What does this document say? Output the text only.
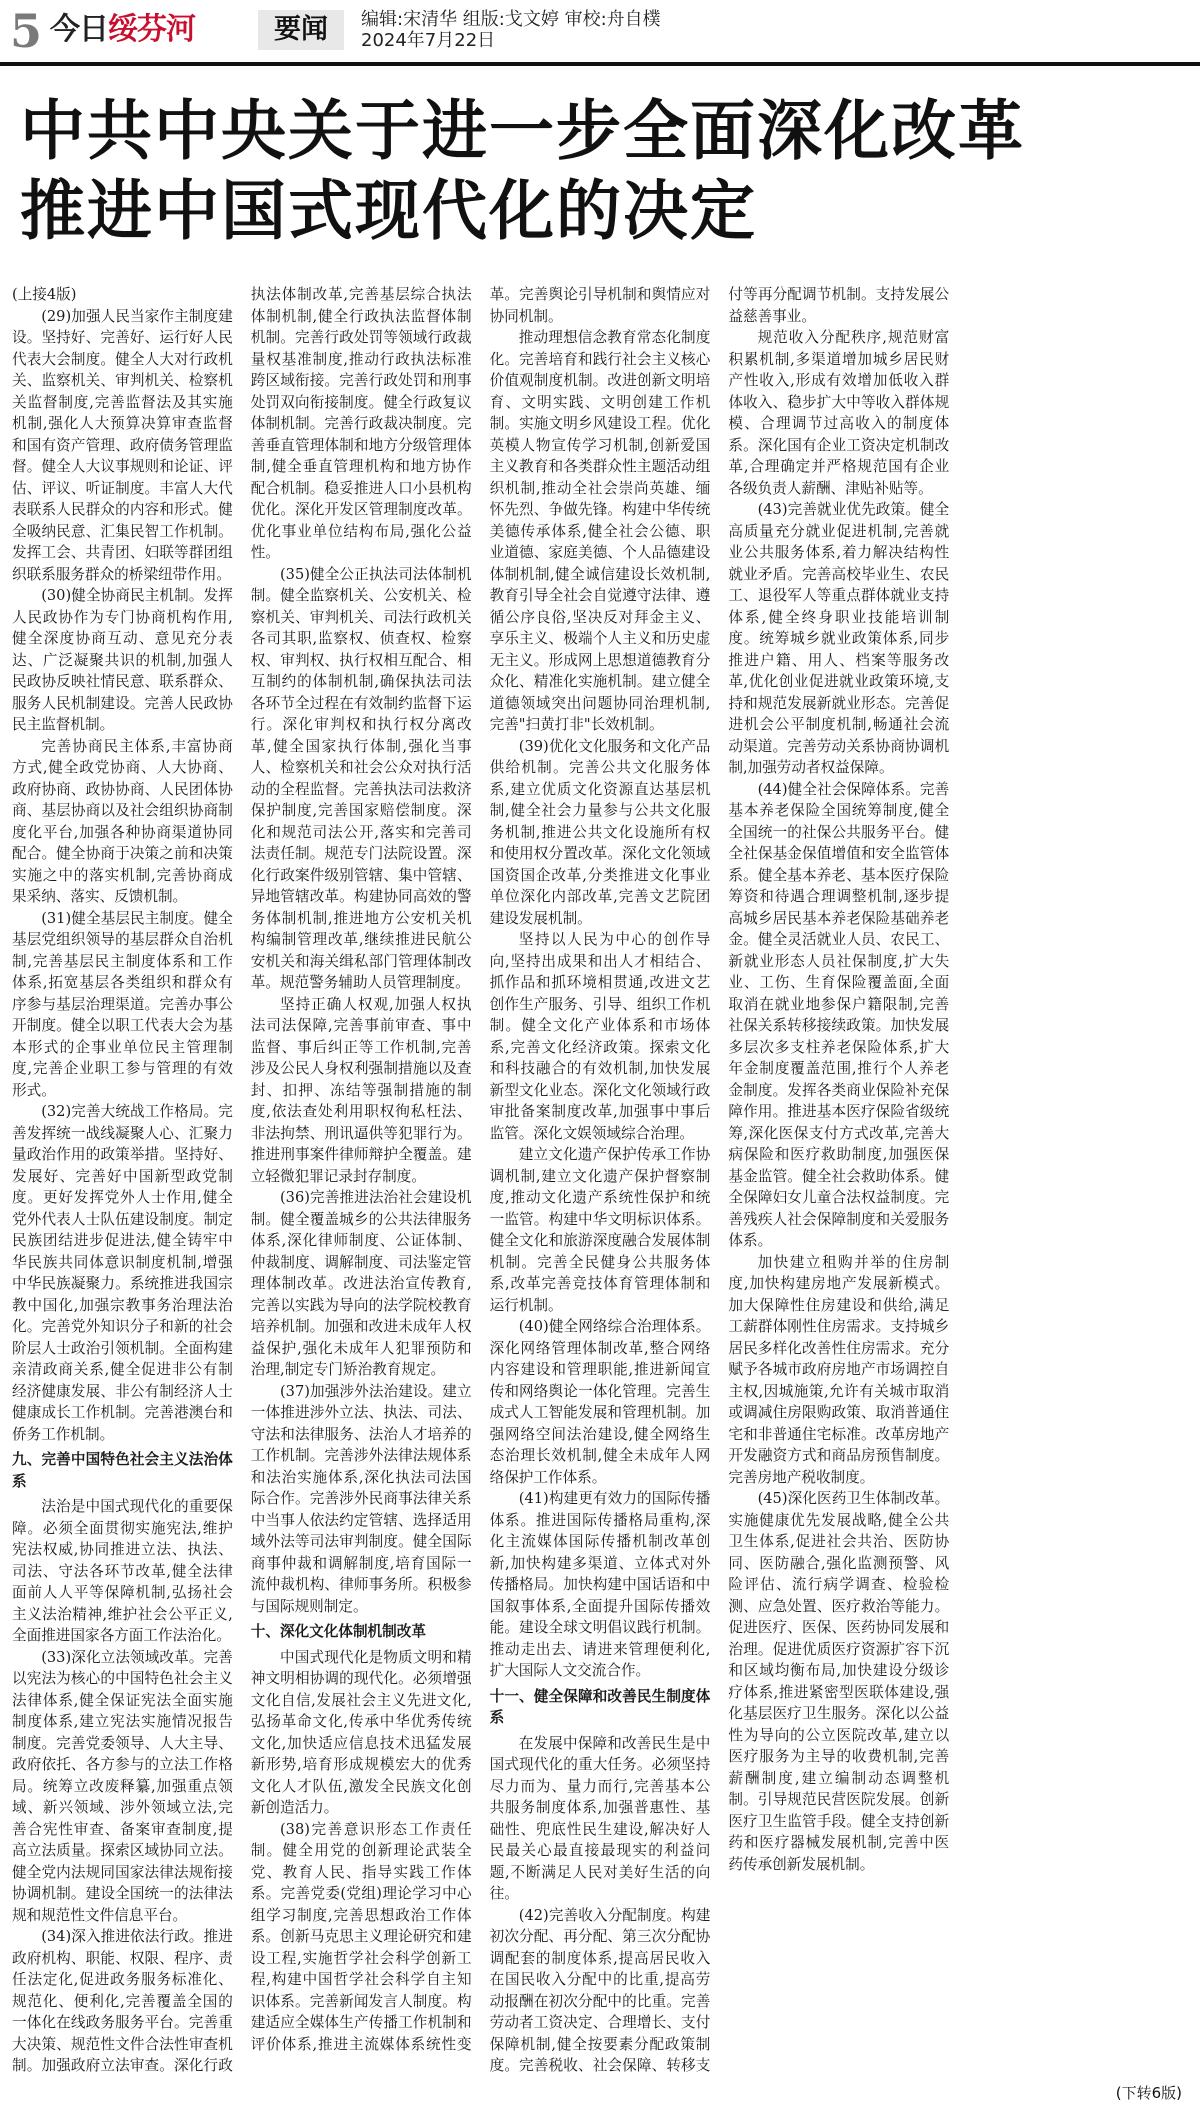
5 今日绥芬河	要闻	编辑:宋清华 组版:戈文婷 审校:舟自樸
2024年7月22日
中共中央关于进一步全面深化改革
推进中国式现代化的决定

(上接4版)

(29)加强人民当家作主制度建设。坚持好、完善好、运行好人民代表大会制度。健全人大对行政机关、监察机关、审判机关、检察机关监督制度,完善监督法及其实施机制,强化人大预算决算审查监督和国有资产管理、政府债务管理监督。健全人大议事规则和论证、评估、评议、听证制度。丰富人大代表联系人民群众的内容和形式。健全吸纳民意、汇集民智工作机制。发挥工会、共青团、妇联等群团组织联系服务群众的桥梁纽带作用。

(30)健全协商民主机制。发挥人民政协作为专门协商机构作用,健全深度协商互动、意见充分表达、广泛凝聚共识的机制,加强人民政协反映社情民意、联系群众、服务人民机制建设。完善人民政协民主监督机制。

完善协商民主体系,丰富协商方式,健全政党协商、人大协商、政府协商、政协协商、人民团体协商、基层协商以及社会组织协商制度化平台,加强各种协商渠道协同配合。健全协商于决策之前和决策实施之中的落实机制,完善协商成果采纳、落实、反馈机制。

(31)健全基层民主制度。健全基层党组织领导的基层群众自治机制,完善基层民主制度体系和工作体系,拓宽基层各类组织和群众有序参与基层治理渠道。完善办事公开制度。健全以职工代表大会为基本形式的企事业单位民主管理制度,完善企业职工参与管理的有效形式。

(32)完善大统战工作格局。完善发挥统一战线凝聚人心、汇聚力量政治作用的政策举措。坚持好、发展好、完善好中国新型政党制度。更好发挥党外人士作用,健全党外代表人士队伍建设制度。制定民族团结进步促进法,健全铸牢中华民族共同体意识制度机制,增强中华民族凝聚力。系统推进我国宗教中国化,加强宗教事务治理法治化。完善党外知识分子和新的社会阶层人士政治引领机制。全面构建亲清政商关系,健全促进非公有制经济健康发展、非公有制经济人士健康成长工作机制。完善港澳台和侨务工作机制。

九、完善中国特色社会主义法治体系

法治是中国式现代化的重要保障。必须全面贯彻实施宪法,维护宪法权威,协同推进立法、执法、司法、守法各环节改革,健全法律面前人人平等保障机制,弘扬社会主义法治精神,维护社会公平正义,全面推进国家各方面工作法治化。

(33)深化立法领域改革。完善以宪法为核心的中国特色社会主义法律体系,健全保证宪法全面实施制度体系,建立宪法实施情况报告制度。完善党委领导、人大主导、政府依托、各方参与的立法工作格局。统筹立改废释纂,加强重点领域、新兴领域、涉外领域立法,完善合宪性审查、备案审查制度,提高立法质量。探索区域协同立法。健全党内法规同国家法律法规衔接协调机制。建设全国统一的法律法规和规范性文件信息平台。

(34)深入推进依法行政。推进政府机构、职能、权限、程序、责任法定化,促进政务服务标准化、规范化、便利化,完善覆盖全国的一体化在线政务服务平台。完善重大决策、规范性文件合法性审查机制。加强政府立法审查。深化行政执法体制改革,完善基层综合执法体制机制,健全行政执法监督体制机制。完善行政处罚等领域行政裁量权基准制度,推动行政执法标准跨区域衔接。完善行政处罚和刑事处罚双向衔接制度。健全行政复议体制机制。完善行政裁决制度。完善垂直管理体制和地方分级管理体制,健全垂直管理机构和地方协作配合机制。稳妥推进人口小县机构优化。深化开发区管理制度改革。优化事业单位结构布局,强化公益性。

(35)健全公正执法司法体制机制。健全监察机关、公安机关、检察机关、审判机关、司法行政机关各司其职,监察权、侦查权、检察权、审判权、执行权相互配合、相互制约的体制机制,确保执法司法各环节全过程在有效制约监督下运行。深化审判权和执行权分离改革,健全国家执行体制,强化当事人、检察机关和社会公众对执行活动的全程监督。完善执法司法救济保护制度,完善国家赔偿制度。深化和规范司法公开,落实和完善司法责任制。规范专门法院设置。深化行政案件级别管辖、集中管辖、异地管辖改革。构建协同高效的警务体制机制,推进地方公安机关机构编制管理改革,继续推进民航公安机关和海关缉私部门管理体制改革。规范警务辅助人员管理制度。

坚持正确人权观,加强人权执法司法保障,完善事前审查、事中监督、事后纠正等工作机制,完善涉及公民人身权利强制措施以及查封、扣押、冻结等强制措施的制度,依法查处利用职权徇私枉法、非法拘禁、刑讯逼供等犯罪行为。推进刑事案件律师辩护全覆盖。建立轻微犯罪记录封存制度。

(36)完善推进法治社会建设机制。健全覆盖城乡的公共法律服务体系,深化律师制度、公证体制、仲裁制度、调解制度、司法鉴定管理体制改革。改进法治宣传教育,完善以实践为导向的法学院校教育培养机制。加强和改进未成年人权益保护,强化未成年人犯罪预防和治理,制定专门矫治教育规定。

(37)加强涉外法治建设。建立一体推进涉外立法、执法、司法、守法和法律服务、法治人才培养的工作机制。完善涉外法律法规体系和法治实施体系,深化执法司法国际合作。完善涉外民商事法律关系中当事人依法约定管辖、选择适用域外法等司法审判制度。健全国际商事仲裁和调解制度,培育国际一流仲裁机构、律师事务所。积极参与国际规则制定。

十、深化文化体制机制改革

中国式现代化是物质文明和精神文明相协调的现代化。必须增强文化自信,发展社会主义先进文化,弘扬革命文化,传承中华优秀传统文化,加快适应信息技术迅猛发展新形势,培育形成规模宏大的优秀文化人才队伍,激发全民族文化创新创造活力。

(38)完善意识形态工作责任制。健全用党的创新理论武装全党、教育人民、指导实践工作体系。完善党委(党组)理论学习中心组学习制度,完善思想政治工作体系。创新马克思主义理论研究和建设工程,实施哲学社会科学创新工程,构建中国哲学社会科学自主知识体系。完善新闻发言人制度。构建适应全媒体生产传播工作机制和评价体系,推进主流媒体系统性变革。完善舆论引导机制和舆情应对协同机制。

推动理想信念教育常态化制度化。完善培育和践行社会主义核心价值观制度机制。改进创新文明培育、文明实践、文明创建工作机制。实施文明乡风建设工程。优化英模人物宣传学习机制,创新爱国主义教育和各类群众性主题活动组织机制,推动全社会崇尚英雄、缅怀先烈、争做先锋。构建中华传统美德传承体系,健全社会公德、职业道德、家庭美德、个人品德建设体制机制,健全诚信建设长效机制,教育引导全社会自觉遵守法律、遵循公序良俗,坚决反对拜金主义、享乐主义、极端个人主义和历史虚无主义。形成网上思想道德教育分众化、精准化实施机制。建立健全道德领域突出问题协同治理机制,完善"扫黄打非"长效机制。

(39)优化文化服务和文化产品供给机制。完善公共文化服务体系,建立优质文化资源直达基层机制,健全社会力量参与公共文化服务机制,推进公共文化设施所有权和使用权分置改革。深化文化领域国资国企改革,分类推进文化事业单位深化内部改革,完善文艺院团建设发展机制。

坚持以人民为中心的创作导向,坚持出成果和出人才相结合、抓作品和抓环境相贯通,改进文艺创作生产服务、引导、组织工作机制。健全文化产业体系和市场体系,完善文化经济政策。探索文化和科技融合的有效机制,加快发展新型文化业态。深化文化领域行政审批备案制度改革,加强事中事后监管。深化文娱领域综合治理。

建立文化遗产保护传承工作协调机制,建立文化遗产保护督察制度,推动文化遗产系统性保护和统一监管。构建中华文明标识体系。健全文化和旅游深度融合发展体制机制。完善全民健身公共服务体系,改革完善竞技体育管理体制和运行机制。

(40)健全网络综合治理体系。深化网络管理体制改革,整合网络内容建设和管理职能,推进新闻宣传和网络舆论一体化管理。完善生成式人工智能发展和管理机制。加强网络空间法治建设,健全网络生态治理长效机制,健全未成年人网络保护工作体系。

(41)构建更有效力的国际传播体系。推进国际传播格局重构,深化主流媒体国际传播机制改革创新,加快构建多渠道、立体式对外传播格局。加快构建中国话语和中国叙事体系,全面提升国际传播效能。建设全球文明倡议践行机制。推动走出去、请进来管理便利化,扩大国际人文交流合作。

十一、健全保障和改善民生制度体系

在发展中保障和改善民生是中国式现代化的重大任务。必须坚持尽力而为、量力而行,完善基本公共服务制度体系,加强普惠性、基础性、兜底性民生建设,解决好人民最关心最直接最现实的利益问题,不断满足人民对美好生活的向往。

(42)完善收入分配制度。构建初次分配、再分配、第三次分配协调配套的制度体系,提高居民收入在国民收入分配中的比重,提高劳动报酬在初次分配中的比重。完善劳动者工资决定、合理增长、支付保障机制,健全按要素分配政策制度。完善税收、社会保障、转移支付等再分配调节机制。支持发展公益慈善事业。

规范收入分配秩序,规范财富积累机制,多渠道增加城乡居民财产性收入,形成有效增加低收入群体收入、稳步扩大中等收入群体规模、合理调节过高收入的制度体系。深化国有企业工资决定机制改革,合理确定并严格规范国有企业各级负责人薪酬、津贴补贴等。

(43)完善就业优先政策。健全高质量充分就业促进机制,完善就业公共服务体系,着力解决结构性就业矛盾。完善高校毕业生、农民工、退役军人等重点群体就业支持体系,健全终身职业技能培训制度。统筹城乡就业政策体系,同步推进户籍、用人、档案等服务改革,优化创业促进就业政策环境,支持和规范发展新就业形态。完善促进机会公平制度机制,畅通社会流动渠道。完善劳动关系协商协调机制,加强劳动者权益保障。

(44)健全社会保障体系。完善基本养老保险全国统筹制度,健全全国统一的社保公共服务平台。健全社保基金保值增值和安全监管体系。健全基本养老、基本医疗保险筹资和待遇合理调整机制,逐步提高城乡居民基本养老保险基础养老金。健全灵活就业人员、农民工、新就业形态人员社保制度,扩大失业、工伤、生育保险覆盖面,全面取消在就业地参保户籍限制,完善社保关系转移接续政策。加快发展多层次多支柱养老保险体系,扩大年金制度覆盖范围,推行个人养老金制度。发挥各类商业保险补充保障作用。推进基本医疗保险省级统筹,深化医保支付方式改革,完善大病保险和医疗救助制度,加强医保基金监管。健全社会救助体系。健全保障妇女儿童合法权益制度。完善残疾人社会保障制度和关爱服务体系。

加快建立租购并举的住房制度,加快构建房地产发展新模式。加大保障性住房建设和供给,满足工薪群体刚性住房需求。支持城乡居民多样化改善性住房需求。充分赋予各城市政府房地产市场调控自主权,因城施策,允许有关城市取消或调减住房限购政策、取消普通住宅和非普通住宅标准。改革房地产开发融资方式和商品房预售制度。完善房地产税收制度。

(45)深化医药卫生体制改革。实施健康优先发展战略,健全公共卫生体系,促进社会共治、医防协同、医防融合,强化监测预警、风险评估、流行病学调查、检验检测、应急处置、医疗救治等能力。促进医疗、医保、医药协同发展和治理。促进优质医疗资源扩容下沉和区域均衡布局,加快建设分级诊疗体系,推进紧密型医联体建设,强化基层医疗卫生服务。深化以公益性为导向的公立医院改革,建立以医疗服务为主导的收费机制,完善薪酬制度,建立编制动态调整机制。引导规范民营医院发展。创新医疗卫生监管手段。健全支持创新药和医疗器械发展机制,完善中医药传承创新发展机制。

(下转6版)
